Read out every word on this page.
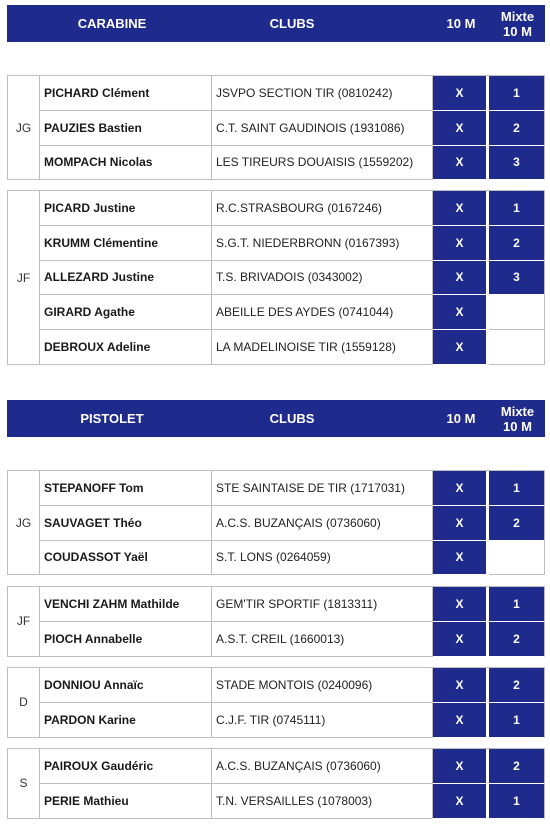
CARABINE	CLUBS	10 M	Mixte
10 M
JG
PICHARD Clément	JSVPO SECTION TIR (0810242)	X	1
PAUZIES Bastien	C.T. SAINT GAUDINOIS (1931086)	X	2
MOMPACH Nicolas	LES TIREURS DOUAISIS (1559202)	X	3
JF
PICARD Justine	R.C.STRASBOURG (0167246)	X	1
KRUMM Clémentine	S.G.T. NIEDERBRONN (0167393)	X	2
ALLEZARD Justine	T.S. BRIVADOIS (0343002)	X	3
GIRARD Agathe	ABEILLE DES AYDES (0741044)	X
DEBROUX Adeline	LA MADELINOISE TIR (1559128)	X
PISTOLET	CLUBS	10 M	Mixte
10 M
JG
STEPANOFF Tom	STE SAINTAISE DE TIR (1717031)	X	1
SAUVAGET Théo	A.C.S. BUZANÇAIS (0736060)	X	2
COUDASSOT Yaël	S.T. LONS (0264059)	X
JF
VENCHI ZAHM Mathilde	GEM'TIR SPORTIF (1813311)	X	1
PIOCH Annabelle	A.S.T. CREIL (1660013)	X	2
D
DONNIOU Annaïc	STADE MONTOIS (0240096)	X	2
PARDON Karine	C.J.F. TIR (0745111)	X	1
S
PAIROUX Gaudéric	A.C.S. BUZANÇAIS (0736060)	X	2
PERIE Mathieu	T.N. VERSAILLES (1078003)	X	1
